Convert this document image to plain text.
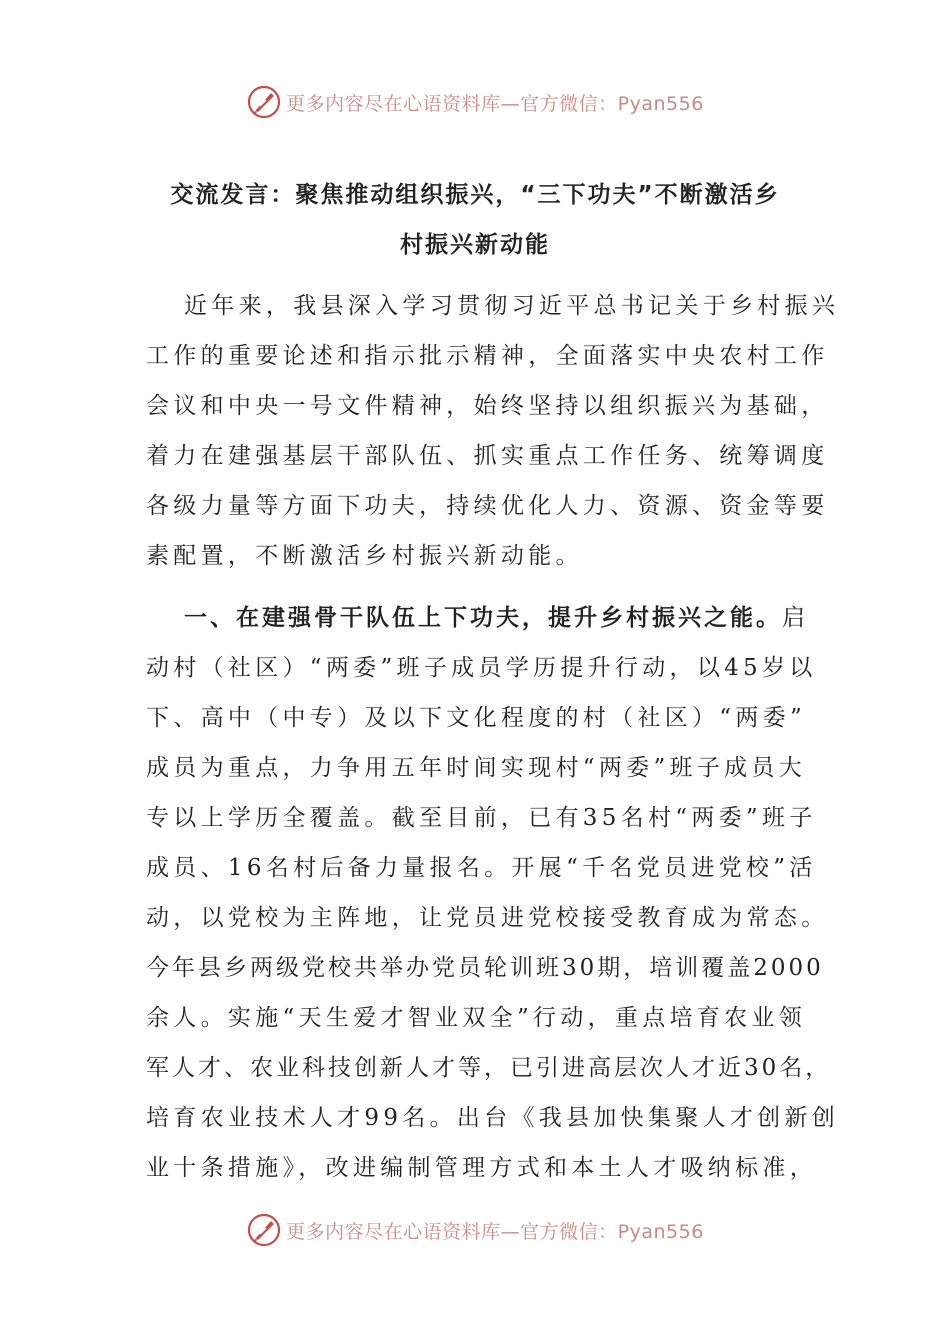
更多内容尽在心语资料库—官方微信：Pyan556
交流发言：聚焦推动组织振兴，“三下功夫”不断激活乡
村振兴新动能
近年来，我县深入学习贯彻习近平总书记关于乡村振兴
工作的重要论述和指示批示精神，全面落实中央农村工作
会议和中央一号文件精神，始终坚持以组织振兴为基础，
着力在建强基层干部队伍、抓实重点工作任务、统筹调度
各级力量等方面下功夫，持续优化人力、资源、资金等要
素配置，不断激活乡村振兴新动能。
一、在建强骨干队伍上下功夫，提升乡村振兴之能。启
动村（社区）“两委”班子成员学历提升行动，以45岁以
下、高中（中专）及以下文化程度的村（社区）“两委”
成员为重点，力争用五年时间实现村“两委”班子成员大
专以上学历全覆盖。截至目前，已有35名村“两委”班子
成员、16名村后备力量报名。开展“千名党员进党校”活
动，以党校为主阵地，让党员进党校接受教育成为常态。
今年县乡两级党校共举办党员轮训班30期，培训覆盖2000
余人。实施“天生爱才智业双全”行动，重点培育农业领
军人才、农业科技创新人才等，已引进高层次人才近30名，
培育农业技术人才99名。出台《我县加快集聚人才创新创
业十条措施》，改进编制管理方式和本土人才吸纳标准，
更多内容尽在心语资料库—官方微信：Pyan556
